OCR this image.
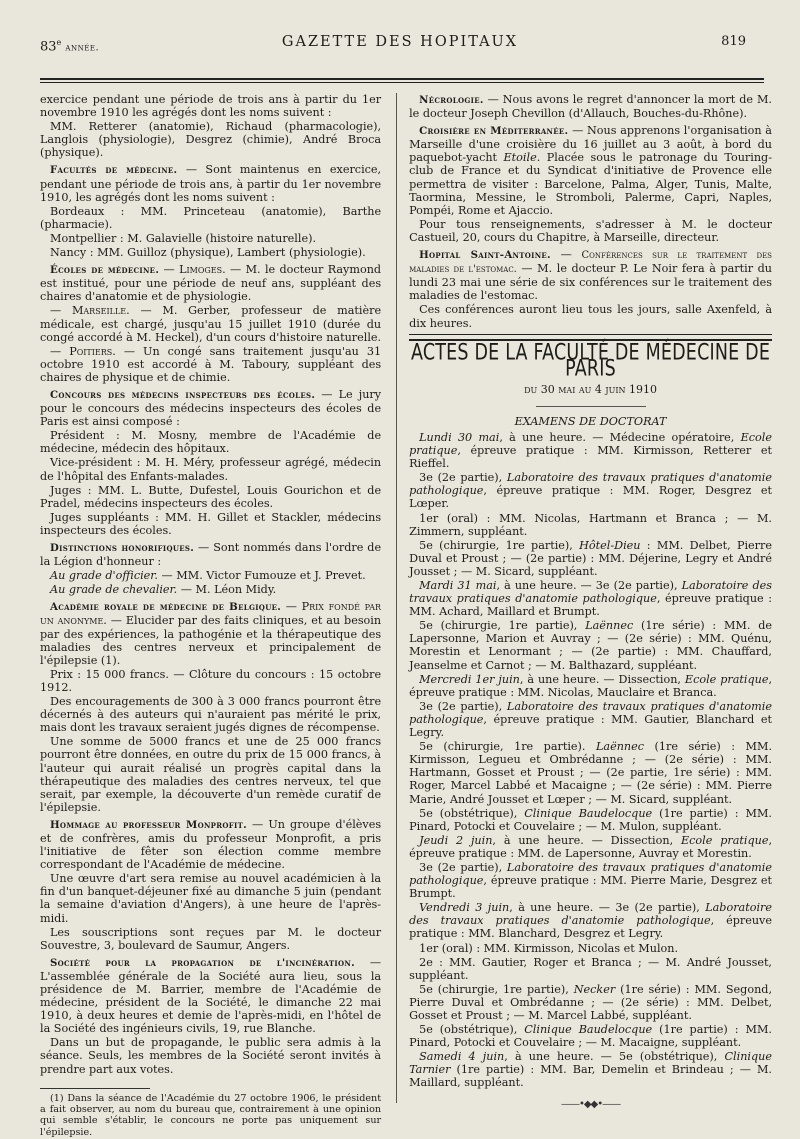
83e année.	GAZETTE DES HOPITAUX	819

exercice pendant une période de trois ans à partir du 1er novembre 1910 les agrégés dont les noms suivent :

MM. Retterer (anatomie), Richaud (pharmacologie), Langlois (physiologie), Desgrez (chimie), André Broca (physique).

Facultés de médecine. — Sont maintenus en exercice, pendant une période de trois ans, à partir du 1er novembre 1910, les agrégés dont les noms suivent :

Bordeaux : MM. Princeteau (anatomie), Barthe (pharmacie).

Montpellier : M. Galavielle (histoire naturelle).

Nancy : MM. Guilloz (physique), Lambert (physiologie).

Écoles de médecine. — Limoges. — M. le docteur Raymond est institué, pour une période de neuf ans, suppléant des chaires d'anatomie et de physiologie.

— Marseille. — M. Gerber, professeur de matière médicale, est chargé, jusqu'au 15 juillet 1910 (durée du congé accordé à M. Heckel), d'un cours d'histoire naturelle.

— Poitiers. — Un congé sans traitement jusqu'au 31 octobre 1910 est accordé à M. Taboury, suppléant des chaires de physique et de chimie.

Concours des médecins inspecteurs des écoles. — Le jury pour le concours des médecins inspecteurs des écoles de Paris est ainsi composé :

Président : M. Mosny, membre de l'Académie de médecine, médecin des hôpitaux.

Vice-président : M. H. Méry, professeur agrégé, médecin de l'hôpital des Enfants-malades.

Juges : MM. L. Butte, Dufestel, Louis Gourichon et de Pradel, médecins inspecteurs des écoles.

Juges suppléants : MM. H. Gillet et Stackler, médecins inspecteurs des écoles.

Distinctions honorifiques. — Sont nommés dans l'ordre de la Légion d'honneur :

Au grade d'officier. — MM. Victor Fumouze et J. Prevet.

Au grade de chevalier. — M. Léon Midy.

Académie royale de médecine de Belgique. — Prix fondé par un anonyme. — Elucider par des faits cliniques, et au besoin par des expériences, la pathogénie et la thérapeutique des maladies des centres nerveux et principalement de l'épilepsie (1).

Prix : 15 000 francs. — Clôture du concours : 15 octobre 1912.

Des encouragements de 300 à 3 000 francs pourront être décernés à des auteurs qui n'auraient pas mérité le prix, mais dont les travaux seraient jugés dignes de récompense.

Une somme de 5000 francs et une de 25 000 francs pourront être données, en outre du prix de 15 000 francs, à l'auteur qui aurait réalisé un progrès capital dans la thérapeutique des maladies des centres nerveux, tel que serait, par exemple, la découverte d'un remède curatif de l'épilepsie.

Hommage au professeur Monprofit. — Un groupe d'élèves et de confrères, amis du professeur Monprofit, a pris l'initiative de fêter son élection comme membre correspondant de l'Académie de médecine.

Une œuvre d'art sera remise au nouvel académicien à la fin d'un banquet-déjeuner fixé au dimanche 5 juin (pendant la semaine d'aviation d'Angers), à une heure de l'après-midi.

Les souscriptions sont reçues par M. le docteur Souvestre, 3, boulevard de Saumur, Angers.

Société pour la propagation de l'incinération. — L'assemblée générale de la Société aura lieu, sous la présidence de M. Barrier, membre de l'Académie de médecine, président de la Société, le dimanche 22 mai 1910, à deux heures et demie de l'après-midi, en l'hôtel de la Société des ingénieurs civils, 19, rue Blanche.

Dans un but de propagande, le public sera admis à la séance. Seuls, les membres de la Société seront invités à prendre part aux votes.

(1) Dans la séance de l'Académie du 27 octobre 1906, le président a fait observer, au nom du bureau que, contrairement à une opinion qui semble s'établir, le concours ne porte pas uniquement sur l'épilepsie.

Nécrologie. — Nous avons le regret d'annoncer la mort de M. le docteur Joseph Chevillon (d'Allauch, Bouches-du-Rhône).

Croisière en Méditerranée. — Nous apprenons l'organisation à Marseille d'une croisière du 16 juillet au 3 août, à bord du paquebot-yacht Etoile. Placée sous le patronage du Touring-club de France et du Syndicat d'initiative de Provence elle permettra de visiter : Barcelone, Palma, Alger, Tunis, Malte, Taormina, Messine, le Stromboli, Palerme, Capri, Naples, Pompéi, Rome et Ajaccio.

Pour tous renseignements, s'adresser à M. le docteur Castueil, 20, cours du Chapitre, à Marseille, directeur.

Hopital Saint-Antoine. — Conférences sur le traitement des maladies de l'estomac. — M. le docteur P. Le Noir fera à partir du lundi 23 mai une série de six conférences sur le traitement des maladies de l'estomac.

Ces conférences auront lieu tous les jours, salle Axenfeld, à dix heures.

ACTES DE LA FACULTÉ DE MÉDECINE DE PARIS
du 30 mai au 4 juin 1910

EXAMENS DE DOCTORAT

Lundi 30 mai, à une heure. — Médecine opératoire, Ecole pratique, épreuve pratique : MM. Kirmisson, Retterer et Rieffel.

3e (2e partie), Laboratoire des travaux pratiques d'anatomie pathologique, épreuve pratique : MM. Roger, Desgrez et Lœper.

1er (oral) : MM. Nicolas, Hartmann et Branca ; — M. Zimmern, suppléant.

5e (chirurgie, 1re partie), Hôtel-Dieu : MM. Delbet, Pierre Duval et Proust ; — (2e partie) : MM. Déjerine, Legry et André Jousset ; — M. Sicard, suppléant.

Mardi 31 mai, à une heure. — 3e (2e partie), Laboratoire des travaux pratiques d'anatomie pathologique, épreuve pratique : MM. Achard, Maillard et Brumpt.

5e (chirurgie, 1re partie), Laënnec (1re série) : MM. de Lapersonne, Marion et Auvray ; — (2e série) : MM. Quénu, Morestin et Lenormant ; — (2e partie) : MM. Chauffard, Jeanselme et Carnot ; — M. Balthazard, suppléant.

Mercredi 1er juin, à une heure. — Dissection, Ecole pratique, épreuve pratique : MM. Nicolas, Mauclaire et Branca.

3e (2e partie), Laboratoire des travaux pratiques d'anatomie pathologique, épreuve pratique : MM. Gautier, Blanchard et Legry.

5e (chirurgie, 1re partie). Laënnec (1re série) : MM. Kirmisson, Legueu et Ombrédanne ; — (2e série) : MM. Hartmann, Gosset et Proust ; — (2e partie, 1re série) : MM. Roger, Marcel Labbé et Macaigne ; — (2e série) : MM. Pierre Marie, André Jousset et Lœper ; — M. Sicard, suppléant.

5e (obstétrique), Clinique Baudelocque (1re partie) : MM. Pinard, Potocki et Couvelaire ; — M. Mulon, suppléant.

Jeudi 2 juin, à une heure. — Dissection, Ecole pratique, épreuve pratique : MM. de Lapersonne, Auvray et Morestin.

3e (2e partie), Laboratoire des travaux pratiques d'anatomie pathologique, épreuve pratique : MM. Pierre Marie, Desgrez et Brumpt.

Vendredi 3 juin, à une heure. — 3e (2e partie), Laboratoire des travaux pratiques d'anatomie pathologique, épreuve pratique : MM. Blanchard, Desgrez et Legry.

1er (oral) : MM. Kirmisson, Nicolas et Mulon.

2e : MM. Gautier, Roger et Branca ; — M. André Jousset, suppléant.

5e (chirurgie, 1re partie), Necker (1re série) : MM. Segond, Pierre Duval et Ombrédanne ; — (2e série) : MM. Delbet, Gosset et Proust ; — M. Marcel Labbé, suppléant.

5e (obstétrique), Clinique Baudelocque (1re partie) : MM. Pinard, Potocki et Couvelaire ; — M. Macaigne, suppléant.

Samedi 4 juin, à une heure. — 5e (obstétrique), Clinique Tarnier (1re partie) : MM. Bar, Demelin et Brindeau ; — M. Maillard, suppléant.

——•◆◆•——
